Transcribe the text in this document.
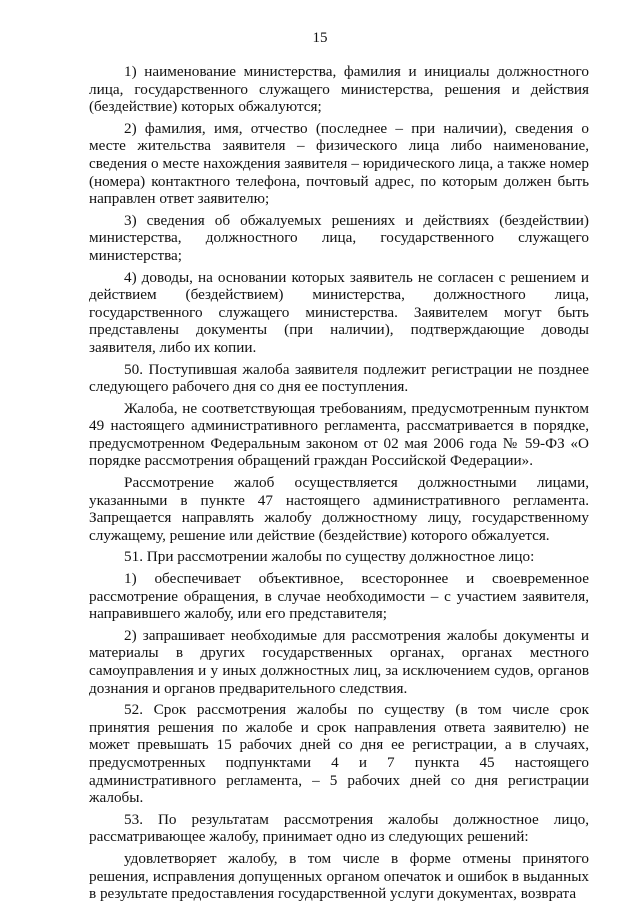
15

1) наименование министерства, фамилия и инициалы должностного лица, государственного служащего министерства, решения и действия (бездействие) которых обжалуются;

2) фамилия, имя, отчество (последнее – при наличии), сведения о месте жительства заявителя – физического лица либо наименование, сведения о месте нахождения заявителя – юридического лица, а также номер (номера) контактного телефона, почтовый адрес, по которым должен быть направлен ответ заявителю;

3) сведения об обжалуемых решениях и действиях (бездействии) министерства, должностного лица, государственного служащего министерства;

4) доводы, на основании которых заявитель не согласен с решением и действием (бездействием) министерства, должностного лица, государственного служащего министерства. Заявителем могут быть представлены документы (при наличии), подтверждающие доводы заявителя, либо их копии.

50. Поступившая жалоба заявителя подлежит регистрации не позднее следующего рабочего дня со дня ее поступления.

Жалоба, не соответствующая требованиям, предусмотренным пунктом 49 настоящего административного регламента, рассматривается в порядке, предусмотренном Федеральным законом от 02 мая 2006 года № 59-ФЗ «О порядке рассмотрения обращений граждан Российской Федерации».

Рассмотрение жалоб осуществляется должностными лицами, указанными в пункте 47 настоящего административного регламента. Запрещается направлять жалобу должностному лицу, государственному служащему, решение или действие (бездействие) которого обжалуется.

51. При рассмотрении жалобы по существу должностное лицо:

1) обеспечивает объективное, всестороннее и своевременное рассмотрение обращения, в случае необходимости – с участием заявителя, направившего жалобу, или его представителя;

2) запрашивает необходимые для рассмотрения жалобы документы и материалы в других государственных органах, органах местного самоуправления и у иных должностных лиц, за исключением судов, органов дознания и органов предварительного следствия.

52. Срок рассмотрения жалобы по существу (в том числе срок принятия решения по жалобе и срок направления ответа заявителю) не может превышать 15 рабочих дней со дня ее регистрации, а в случаях, предусмотренных подпунктами 4 и 7 пункта 45 настоящего административного регламента, – 5 рабочих дней со дня регистрации жалобы.

53. По результатам рассмотрения жалобы должностное лицо, рассматривающее жалобу, принимает одно из следующих решений:

удовлетворяет жалобу, в том числе в форме отмены принятого решения, исправления допущенных органом опечаток и ошибок в выданных в результате предоставления государственной услуги документах, возврата
